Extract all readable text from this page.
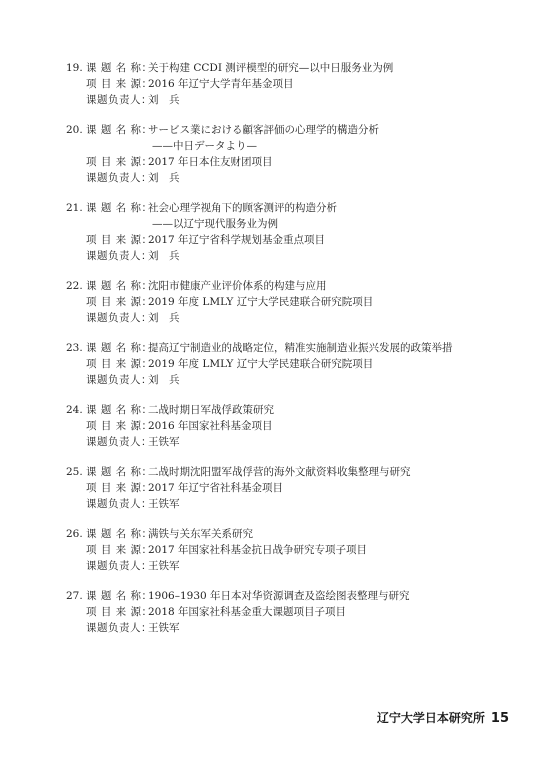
19. 课 题 名 称：关于构建 CCDI 测评模型的研究—以中日服务业为例
项 目 来 源：2016 年辽宁大学青年基金项目
课题负责人：刘　兵
20. 课 题 名 称：サービス業における顧客評価の心理学的構造分析
——中日データより—
项 目 来 源：2017 年日本住友财团项目
课题负责人：刘　兵
21. 课 题 名 称：社会心理学视角下的顾客测评的构造分析
——以辽宁现代服务业为例
项 目 来 源：2017 年辽宁省科学规划基金重点项目
课题负责人：刘　兵
22. 课 题 名 称：沈阳市健康产业评价体系的构建与应用
项 目 来 源：2019 年度 LMLY 辽宁大学民建联合研究院项目
课题负责人：刘　兵
23. 课 题 名 称：提高辽宁制造业的战略定位，精准实施制造业振兴发展的政策举措
项 目 来 源：2019 年度 LMLY 辽宁大学民建联合研究院项目
课题负责人：刘　兵
24. 课 题 名 称：二战时期日军战俘政策研究
项 目 来 源：2016 年国家社科基金项目
课题负责人：王铁军
25. 课 题 名 称：二战时期沈阳盟军战俘营的海外文献资料收集整理与研究
项 目 来 源：2017 年辽宁省社科基金项目
课题负责人：王铁军
26. 课 题 名 称：满铁与关东军关系研究
项 目 来 源：2017 年国家社科基金抗日战争研究专项子项目
课题负责人：王铁军
27. 课 题 名 称：1906–1930 年日本对华资源调查及盗绘图表整理与研究
项 目 来 源：2018 年国家社科基金重大课题项目子项目
课题负责人：王铁军
辽宁大学日本研究所 15
